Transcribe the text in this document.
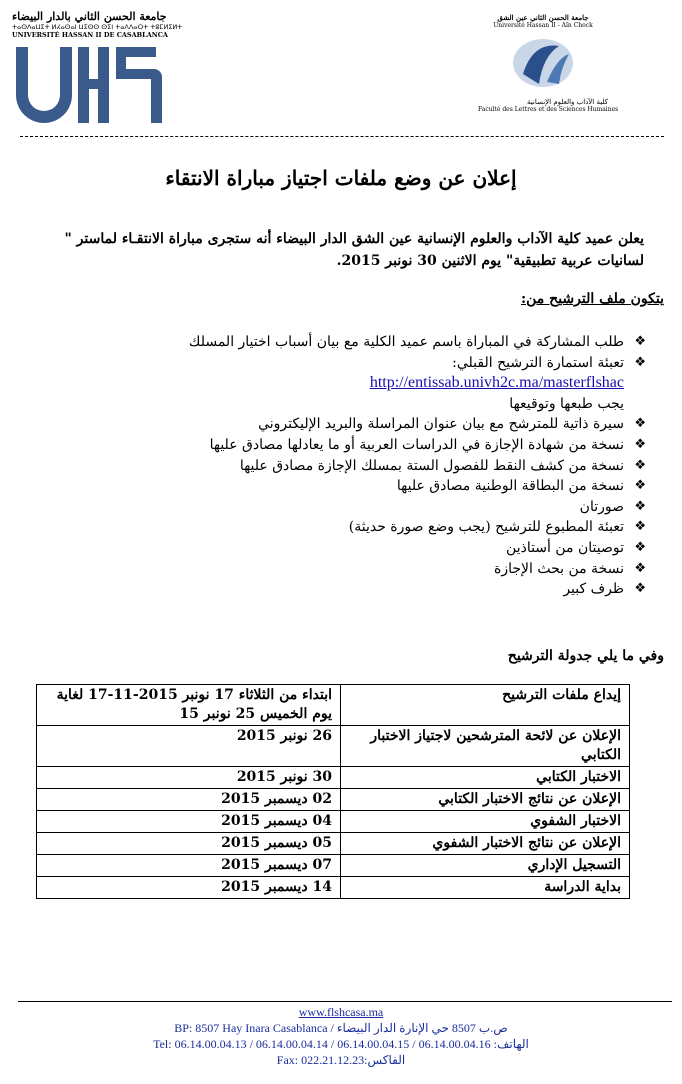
جامعة الحسن الثاني بالدار البيضاء
ⵜⴰⵙⴷⴰⵡⵉⵜ ⵍⵃⴰⵙⴰⵏ ⵡⵉⵙⵙ ⵙⵉⵏ ⵜⴰⴷⴷⴰⵔⵜ ⵜⵓⵎⵍⵉⵍⵜ
UNIVERSITÉ HASSAN II DE CASABLANCA
جامعة الحسن الثاني عين الشق
Université Hassan II - Aïn Chock
كلية الآداب والعلوم الإنسانية
Faculté des Lettres et des Sciences Humaines
إعلان عن وضع ملفات اجتياز مباراة الانتقاء
يعلن عميد كلية الآداب والعلوم الإنسانية عين الشق الدار البيضاء أنه ستجرى مباراة الانتقـاء لماستر " لسانيات عربية تطبيقية" يوم الاثنين 30 نونبر 2015.
يتكون ملف الترشيح من:
❖
طلب المشاركة في المباراة باسم عميد الكلية مع بيان أسباب اختيار المسلك
❖
تعبئة استمارة الترشيح القبلي:
http://entissab.univh2c.ma/masterflshac
يجب طبعها وتوقيعها
❖
سيرة ذاتية للمترشح مع بيان عنوان المراسلة والبريد الإليكتروني
❖
نسخة من شهادة الإجازة في الدراسات العربية أو ما يعادلها مصادق عليها
❖
نسخة من كشف النقط للفصول الستة بمسلك الإجازة مصادق عليها
❖
نسخة من البطاقة الوطنية مصادق عليها
❖
صورتان
❖
تعبئة المطبوع للترشيح (يجب وضع صورة حديثة)
❖
توصيتان من أستاذين
❖
نسخة من بحث الإجازة
❖
ظرف كبير
وفي ما يلي جدولة الترشيح
إيداع ملفات الترشيح	ابتداء من الثلاثاء 17 نونبر 2015-11-17 لغاية يوم الخميس 25 نونبر 15
الإعلان عن لائحة المترشحين لاجتياز الاختبار الكتابي	26 نونبر 2015
الاختبار الكتابي	30 نونبر 2015
الإعلان عن نتائج الاختبار الكتابي	02 دیسمبر 2015
الاختبار الشفوي	04 دیسمبر 2015
الإعلان عن نتائج الاختبار الشفوي	05 دیسمبر 2015
التسجيل الإداري	07 دیسمبر 2015
بداية الدراسة	14 دیسمبر 2015
www.flshcasa.ma
BP: 8507 Hay Inara Casablanca / ص.ب 8507 حي الإنارة الدار البيضاء
Tel: 06.14.00.04.13 / 06.14.00.04.14 / 06.14.00.04.15 / 06.14.00.04.16 الهاتف:
Fax: 022.21.12.23الفاكس:
